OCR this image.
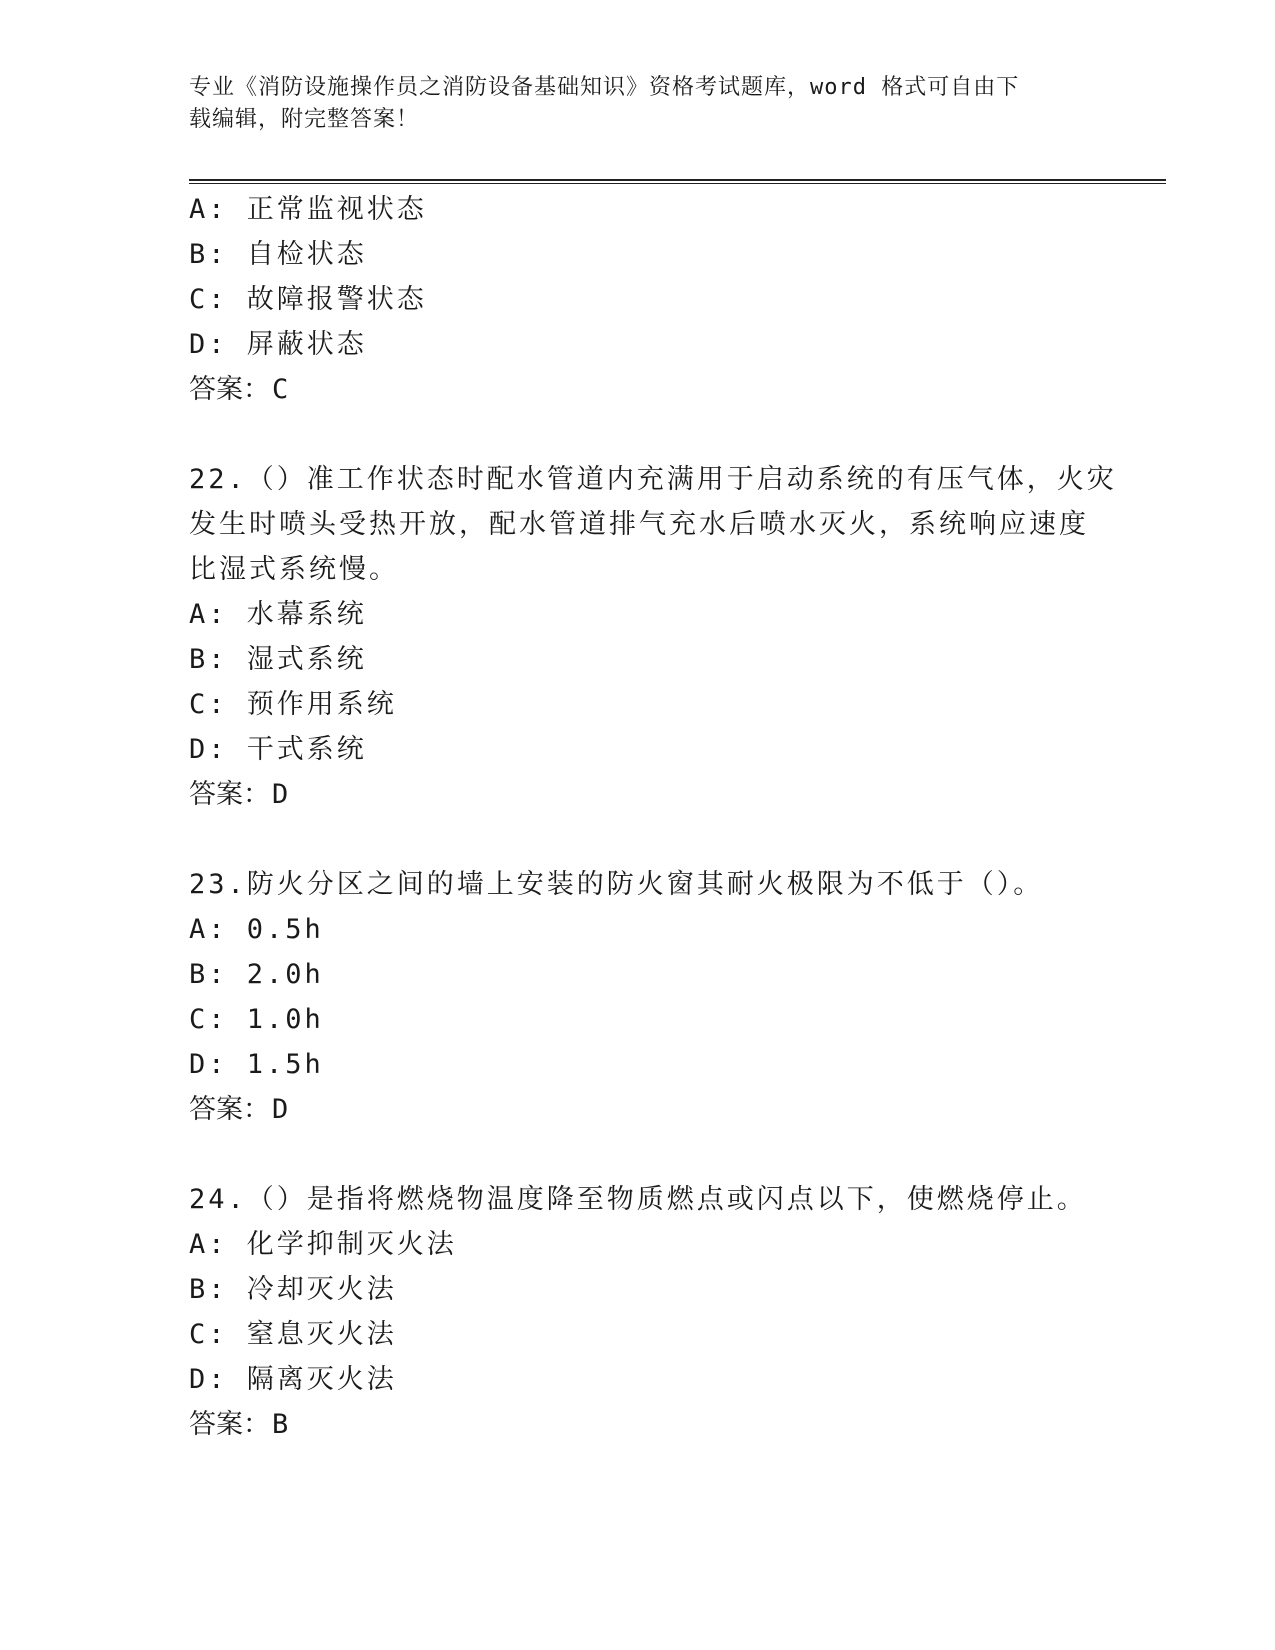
专业《消防设施操作员之消防设备基础知识》资格考试题库，word 格式可自由下
载编辑，附完整答案！
A: 正常监视状态
B: 自检状态
C: 故障报警状态
D: 屏蔽状态
答案：C
22.（）准工作状态时配水管道内充满用于启动系统的有压气体，火灾
发生时喷头受热开放，配水管道排气充水后喷水灭火，系统响应速度
比湿式系统慢。
A: 水幕系统
B: 湿式系统
C: 预作用系统
D: 干式系统
答案：D
23.防火分区之间的墙上安装的防火窗其耐火极限为不低于（）。
A: 0.5h
B: 2.0h
C: 1.0h
D: 1.5h
答案：D
24.（）是指将燃烧物温度降至物质燃点或闪点以下，使燃烧停止。
A: 化学抑制灭火法
B: 冷却灭火法
C: 窒息灭火法
D: 隔离灭火法
答案：B
